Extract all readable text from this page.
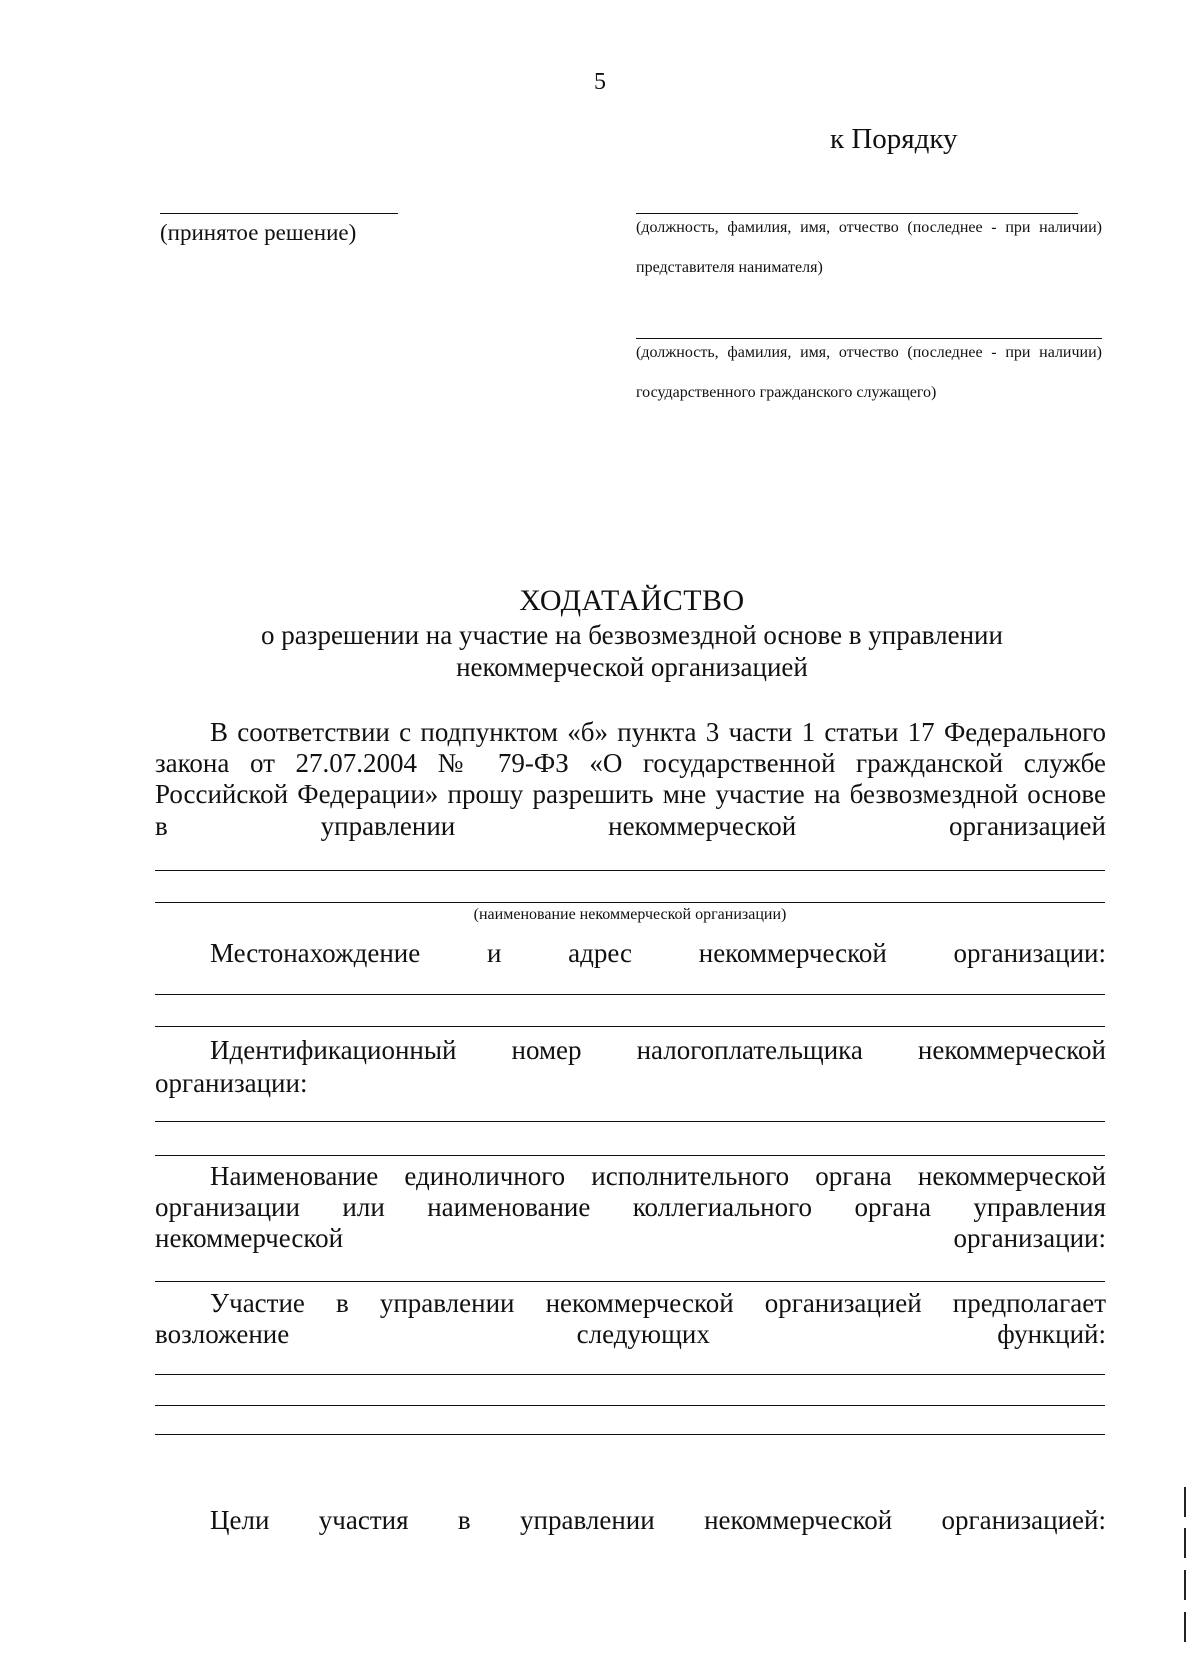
5
к Порядку
(принятое решение)	(должность, фамилия, имя, отчество (последнее - при наличии) представителя нанимателя)
(должность, фамилия, имя, отчество (последнее - при наличии) государственного гражданского служащего)
ХОДАТАЙСТВО
о разрешении на участие на безвозмездной основе в управлении
некоммерческой организацией
В соответствии с подпунктом «б» пункта 3 части 1 статьи 17 Федерального
закона от 27.07.2004 № 79-ФЗ «О государственной гражданской службе
Российской Федерации» прошу разрешить мне участие на безвозмездной основе
в управлении некоммерческой организацией
(наименование некоммерческой организации)
Местонахождение и адрес некоммерческой организации:
Идентификационный номер налогоплательщика некоммерческой
организации:
Наименование единоличного исполнительного органа некоммерческой
организации или наименование коллегиального органа управления
некоммерческой организации:
Участие в управлении некоммерческой организацией предполагает
возложение следующих функций:
Цели участия в управлении некоммерческой организацией:
